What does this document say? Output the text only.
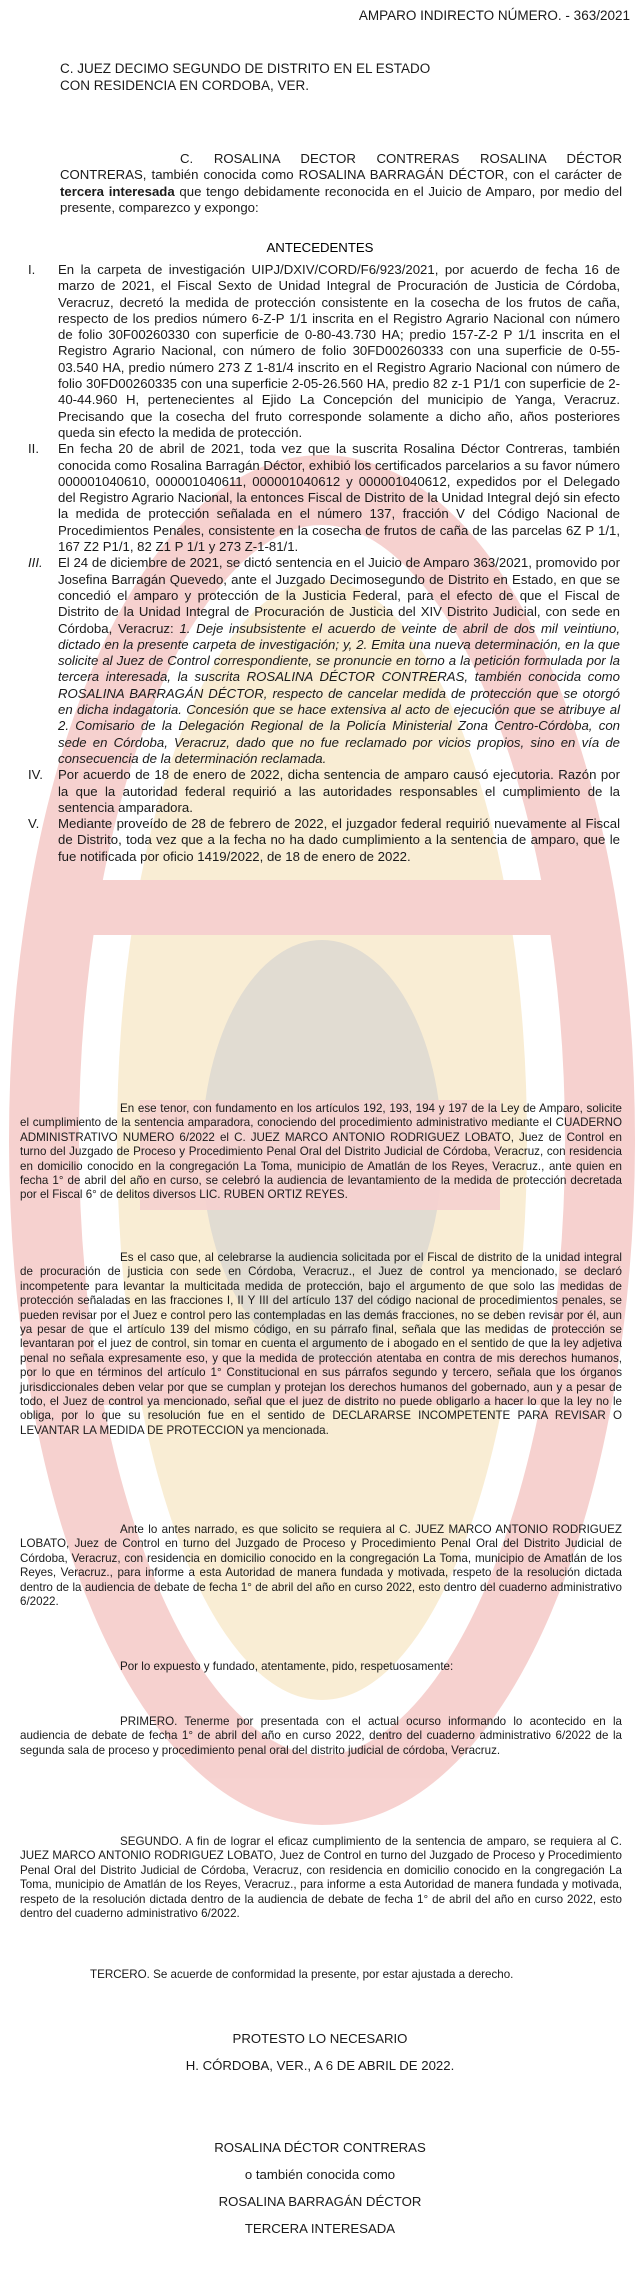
AMPARO INDIRECTO NÚMERO. - 363/2021
C. JUEZ DECIMO SEGUNDO DE DISTRITO EN EL ESTADO
CON RESIDENCIA EN CORDOBA, VER.

C. ROSALINA DECTOR CONTRERAS ROSALINA DÉCTOR CONTRERAS, también conocida como ROSALINA BARRAGÁN DÉCTOR, con el carácter de tercera interesada que tengo debidamente reconocida en el Juicio de Amparo, por medio del presente, comparezco y expongo:

ANTECEDENTES
I.	En la carpeta de investigación UIPJ/DXIV/CORD/F6/923/2021, por acuerdo de fecha 16 de marzo de 2021, el Fiscal Sexto de Unidad Integral de Procuración de Justicia de Córdoba, Veracruz, decretó la medida de protección consistente en la cosecha de los frutos de caña, respecto de los predios número 6-Z-P 1/1 inscrita en el Registro Agrario Nacional con número de folio 30F00260330 con superficie de 0-80-43.730 HA; predio 157-Z-2 P 1/1 inscrita en el Registro Agrario Nacional, con número de folio 30FD00260333 con una superficie de 0-55-03.540 HA, predio número 273 Z 1-81/4 inscrito en el Registro Agrario Nacional con número de folio 30FD00260335 con una superficie 2-05-26.560 HA, predio 82 z-1 P1/1 con superficie de 2-40-44.960 H, pertenecientes al Ejido La Concepción del municipio de Yanga, Veracruz. Precisando que la cosecha del fruto corresponde solamente a dicho año, años posteriores queda sin efecto la medida de protección.

II.	En fecha 20 de abril de 2021, toda vez que la suscrita Rosalina Déctor Contreras, también conocida como Rosalina Barragán Déctor, exhibió los certificados parcelarios a su favor número 000001040610, 000001040611, 000001040612 y 000001040612, expedidos por el Delegado del Registro Agrario Nacional, la entonces Fiscal de Distrito de la Unidad Integral dejó sin efecto la medida de protección señalada en el número 137, fracción V del Código Nacional de Procedimientos Penales, consistente en la cosecha de frutos de caña de las parcelas 6Z P 1/1, 167 Z2 P1/1, 82 Z1 P 1/1 y 273 Z-1-81/1.

III.	El 24 de diciembre de 2021, se dictó sentencia en el Juicio de Amparo 363/2021, promovido por Josefina Barragán Quevedo, ante el Juzgado Decimosegundo de Distrito en Estado, en que se concedió el amparo y protección de la Justicia Federal, para el efecto de que el Fiscal de Distrito de la Unidad Integral de Procuración de Justicia del XIV Distrito Judicial, con sede en Córdoba, Veracruz: 1. Deje insubsistente el acuerdo de veinte de abril de dos mil veintiuno, dictado en la presente carpeta de investigación; y, 2. Emita una nueva determinación, en la que solicite al Juez de Control correspondiente, se pronuncie en torno a la petición formulada por la tercera interesada, la suscrita ROSALINA DÉCTOR CONTRERAS, también conocida como ROSALINA BARRAGÁN DÉCTOR, respecto de cancelar medida de protección que se otorgó en dicha indagatoria. Concesión que se hace extensiva al acto de ejecución que se atribuye al 2. Comisario de la Delegación Regional de la Policía Ministerial Zona Centro-Córdoba, con sede en Córdoba, Veracruz, dado que no fue reclamado por vicios propios, sino en vía de consecuencia de la determinación reclamada.

IV.	Por acuerdo de 18 de enero de 2022, dicha sentencia de amparo causó ejecutoria. Razón por la que la autoridad federal requirió a las autoridades responsables el cumplimiento de la sentencia amparadora.

V.	Mediante proveído de 28 de febrero de 2022, el juzgador federal requirió nuevamente al Fiscal de Distrito, toda vez que a la fecha no ha dado cumplimiento a la sentencia de amparo, que le fue notificada por oficio 1419/2022, de 18 de enero de 2022.

En ese tenor, con fundamento en los artículos 192, 193, 194 y 197 de la Ley de Amparo, solicite el cumplimiento de la sentencia amparadora, conociendo del procedimiento administrativo mediante el CUADERNO ADMINISTRATIVO NUMERO 6/2022 el C. JUEZ MARCO ANTONIO RODRIGUEZ LOBATO, Juez de Control en turno del Juzgado de Proceso y Procedimiento Penal Oral del Distrito Judicial de Córdoba, Veracruz, con residencia en domicilio conocido en la congregación La Toma, municipio de Amatlán de los Reyes, Veracruz., ante quien en fecha 1° de abril del año en curso, se celebró la audiencia de levantamiento de la medida de protección decretada por el Fiscal 6° de delitos diversos LIC. RUBEN ORTIZ REYES.

Es el caso que, al celebrarse la audiencia solicitada por el Fiscal de distrito de la unidad integral de procuración de justicia con sede en Córdoba, Veracruz., el Juez de control ya mencionado, se declaró incompetente para levantar la multicitada medida de protección, bajo el argumento de que solo las medidas de protección señaladas en las fracciones I, II Y III del artículo 137 del código nacional de procedimientos penales, se pueden revisar por el Juez e control pero las contempladas en las demás fracciones, no se deben revisar por él, aun ya pesar de que el artículo 139 del mismo código, en su párrafo final, señala que las medidas de protección se levantaran por el juez de control, sin tomar en cuenta el argumento de i abogado en el sentido de que la ley adjetiva penal no señala expresamente eso, y que la medida de protección atentaba en contra de mis derechos humanos, por lo que en términos del artículo 1° Constitucional en sus párrafos segundo y tercero, señala que los órganos jurisdiccionales deben velar por que se cumplan y protejan los derechos humanos del gobernado, aun y a pesar de todo, el Juez de control ya mencionado, señal que el juez de distrito no puede obligarlo a hacer lo que la ley no le obliga, por lo que su resolución fue en el sentido de DECLARARSE INCOMPETENTE PARA REVISAR O LEVANTAR LA MEDIDA DE PROTECCION ya mencionada.

Ante lo antes narrado, es que solicito se requiera al C. JUEZ MARCO ANTONIO RODRIGUEZ LOBATO, Juez de Control en turno del Juzgado de Proceso y Procedimiento Penal Oral del Distrito Judicial de Córdoba, Veracruz, con residencia en domicilio conocido en la congregación La Toma, municipio de Amatlán de los Reyes, Veracruz., para informe a esta Autoridad de manera fundada y motivada, respeto de la resolución dictada dentro de la audiencia de debate de fecha 1° de abril del año en curso 2022, esto dentro del cuaderno administrativo 6/2022.

Por lo expuesto y fundado, atentamente, pido, respetuosamente:

PRIMERO. Tenerme por presentada con el actual ocurso informando lo acontecido en la audiencia de debate de fecha 1° de abril del año en curso 2022, dentro del cuaderno administrativo 6/2022 de la segunda sala de proceso y procedimiento penal oral del distrito judicial de córdoba, Veracruz.

SEGUNDO. A fin de lograr el eficaz cumplimiento de la sentencia de amparo, se requiera al C. JUEZ MARCO ANTONIO RODRIGUEZ LOBATO, Juez de Control en turno del Juzgado de Proceso y Procedimiento Penal Oral del Distrito Judicial de Córdoba, Veracruz, con residencia en domicilio conocido en la congregación La Toma, municipio de Amatlán de los Reyes, Veracruz., para informe a esta Autoridad de manera fundada y motivada, respeto de la resolución dictada dentro de la audiencia de debate de fecha 1° de abril del año en curso 2022, esto dentro del cuaderno administrativo 6/2022.

TERCERO. Se acuerde de conformidad la presente, por estar ajustada a derecho.

PROTESTO LO NECESARIO
H. CÓRDOBA, VER., A 6 DE ABRIL DE 2022.
ROSALINA DÉCTOR CONTRERAS
o también conocida como
ROSALINA BARRAGÁN DÉCTOR
TERCERA INTERESADA
